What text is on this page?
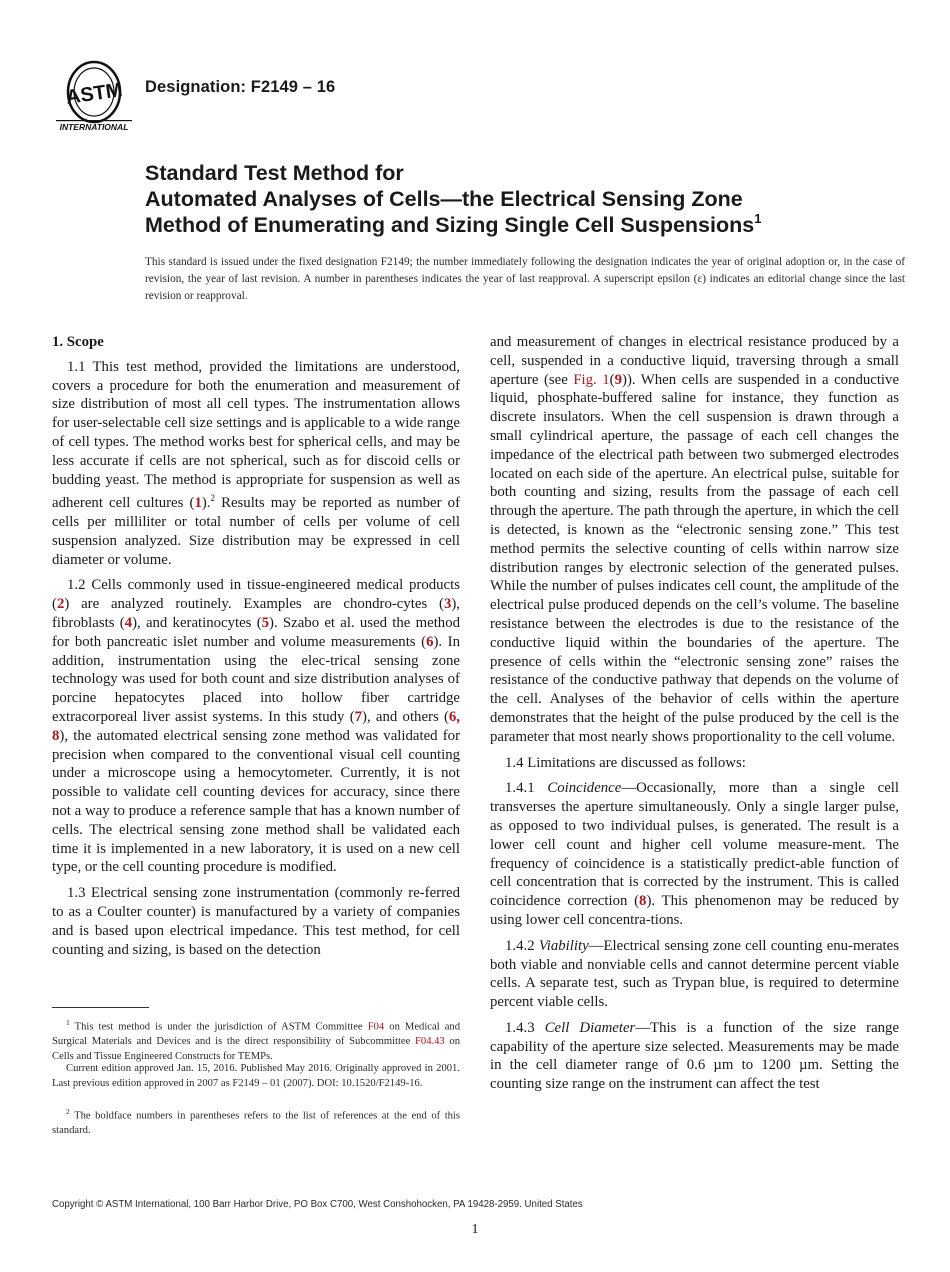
ASTM
INTERNATIONAL
Designation: F2149 – 16
Standard Test Method for
Automated Analyses of Cells—the Electrical Sensing Zone
Method of Enumerating and Sizing Single Cell Suspensions$^1$
This standard is issued under the fixed designation F2149; the number immediately following the designation indicates the year of original adoption or, in the case of revision, the year of last revision. A number in parentheses indicates the year of last reapproval. A superscript epsilon (ε) indicates an editorial change since the last revision or reapproval.
1. Scope

1.1 This test method, provided the limitations are understood, covers a procedure for both the enumeration and measurement of size distribution of most all cell types. The instrumentation allows for user-selectable cell size settings and is applicable to a wide range of cell types. The method works best for spherical cells, and may be less accurate if cells are not spherical, such as for discoid cells or budding yeast. The method is appropriate for suspension as well as adherent cell cultures (1).$^2$ Results may be reported as number of cells per milliliter or total number of cells per volume of cell suspension analyzed. Size distribution may be expressed in cell diameter or volume.

1.2 Cells commonly used in tissue-engineered medical products (2) are analyzed routinely. Examples are chondro-cytes (3), fibroblasts (4), and keratinocytes (5). Szabo et al. used the method for both pancreatic islet number and volume measurements (6). In addition, instrumentation using the elec-trical sensing zone technology was used for both count and size distribution analyses of porcine hepatocytes placed into hollow fiber cartridge extracorporeal liver assist systems. In this study (7), and others (6, 8), the automated electrical sensing zone method was validated for precision when compared to the conventional visual cell counting under a microscope using a hemocytometer. Currently, it is not possible to validate cell counting devices for accuracy, since there not a way to produce a reference sample that has a known number of cells. The electrical sensing zone method shall be validated each time it is implemented in a new laboratory, it is used on a new cell type, or the cell counting procedure is modified.

1.3 Electrical sensing zone instrumentation (commonly re-ferred to as a Coulter counter) is manufactured by a variety of companies and is based upon electrical impedance. This test method, for cell counting and sizing, is based on the detection

and measurement of changes in electrical resistance produced by a cell, suspended in a conductive liquid, traversing through a small aperture (see Fig. 1(9)). When cells are suspended in a conductive liquid, phosphate-buffered saline for instance, they function as discrete insulators. When the cell suspension is drawn through a small cylindrical aperture, the passage of each cell changes the impedance of the electrical path between two submerged electrodes located on each side of the aperture. An electrical pulse, suitable for both counting and sizing, results from the passage of each cell through the aperture. The path through the aperture, in which the cell is detected, is known as the “electronic sensing zone.” This test method permits the selective counting of cells within narrow size distribution ranges by electronic selection of the generated pulses. While the number of pulses indicates cell count, the amplitude of the electrical pulse produced depends on the cell’s volume. The baseline resistance between the electrodes is due to the resistance of the conductive liquid within the boundaries of the aperture. The presence of cells within the “electronic sensing zone” raises the resistance of the conductive pathway that depends on the volume of the cell. Analyses of the behavior of cells within the aperture demonstrates that the height of the pulse produced by the cell is the parameter that most nearly shows proportionality to the cell volume.

1.4 Limitations are discussed as follows:

1.4.1 Coincidence—Occasionally, more than a single cell transverses the aperture simultaneously. Only a single larger pulse, as opposed to two individual pulses, is generated. The result is a lower cell count and higher cell volume measure-ment. The frequency of coincidence is a statistically predict-able function of cell concentration that is corrected by the instrument. This is called coincidence correction (8). This phenomenon may be reduced by using lower cell concentra-tions.

1.4.2 Viability—Electrical sensing zone cell counting enu-merates both viable and nonviable cells and cannot determine percent viable cells. A separate test, such as Trypan blue, is required to determine percent viable cells.

1.4.3 Cell Diameter—This is a function of the size range capability of the aperture size selected. Measurements may be made in the cell diameter range of 0.6 µm to 1200 µm. Setting the counting size range on the instrument can affect the test

$^1$ This test method is under the jurisdiction of ASTM Committee F04 on Medical and Surgical Materials and Devices and is the direct responsibility of Subcommittee F04.43 on Cells and Tissue Engineered Constructs for TEMPs.
Current edition approved Jan. 15, 2016. Published May 2016. Originally approved in 2001. Last previous edition approved in 2007 as F2149 – 01 (2007). DOI: 10.1520/F2149-16.
$^2$ The boldface numbers in parentheses refers to the list of references at the end of this standard.
Copyright © ASTM International, 100 Barr Harbor Drive, PO Box C700, West Conshohocken, PA 19428-2959. United States
1
